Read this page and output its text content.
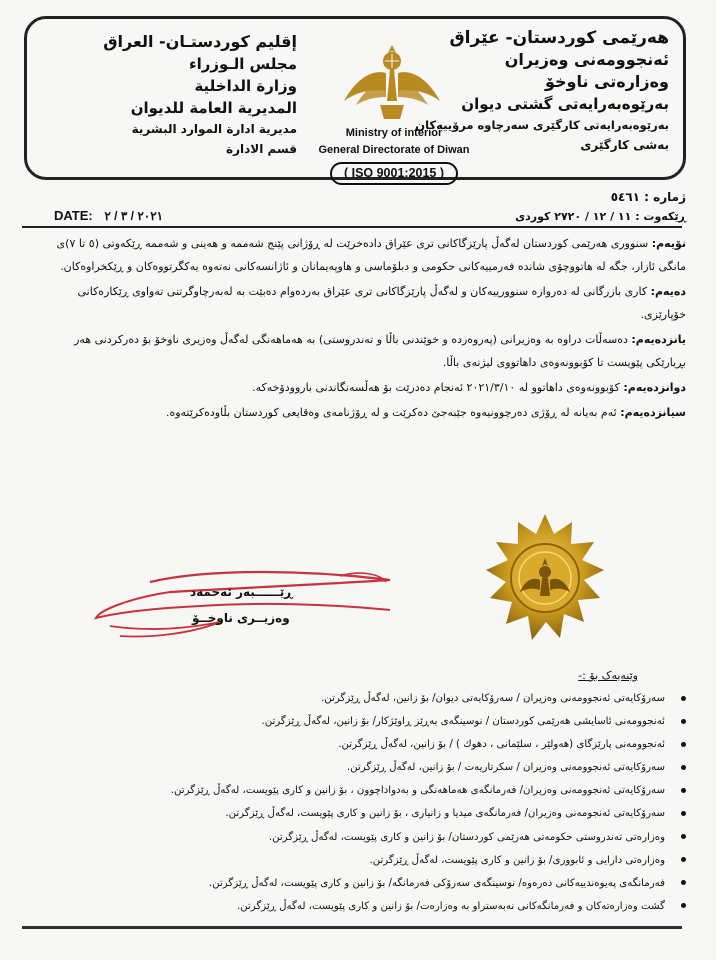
هەرێمی کوردستان- عێراق
ئەنجوومەنی وەزیران
وەزارەتی ناوخۆ
بەرێوەبەرایەتی گشتی دیوان
بەرێوەبەرایەتی کارگێری سەرچاوە مرۆییەکان
بەشی کارگێری
Ministry of interior
General Directorate of Diwan
( ISO 9001:2015 )
إقليم كوردستـان- العراق
مجلس الـوزراء
وزارة الداخلية
المديرية العامة للديوان
مديرية ادارة الموارد البشرية
قسم الادارة
ژمارە : ٥٤٦١
ڕێکەوت : ١١ / ١٢ / ٢٧٢٠ کوردی
DATE: ٢٠٢١ / ٣ / ٢

نۆیەم: سنووری هەرێمی کوردستان لەگەڵ پارێزگاکانی تری عێراق دادەخرێت لە ڕۆژانی پێنج شەممە و هەینی و شەممە ڕێکەوتی (٥ تا ٧)ی مانگی ئازار، جگە لە هاتووچۆی شاندە فەرمییەکانی حکومی و دبلۆماسی و هاوپەیمانان و ئاژانسەکانی نەتەوە یەکگرتووەکان و ڕێکخراوەکان.

دەیەم: کاری بازرگانی لە دەروازە سنوورییەکان و لەگەڵ پارێزگاکانی تری عێراق بەردەوام دەبێت بە لەبەرچاوگرتنی تەواوی ڕێکارەکانی خۆپارێزی.

یانزدەیەم: دەسەڵات دراوە بە وەزیرانی (پەروەردە و خوێندنی باڵا و تەندروستی) بە هەماهەنگی لەگەڵ وەزیری ناوخۆ بۆ دەرکردنی هەر بڕیارێکی پێویست تا کۆبوونەوەی داهاتووی لیژنەی باڵا.

دوانزدەیەم: کۆبوونەوەی داهاتوو لە ٢٠٢١/٣/١٠ ئەنجام دەدرێت بۆ هەڵسەنگاندنی باروودۆخەکە.

سیانزدەیەم: ئەم بەیانە لە ڕۆژی دەرچوونیەوە جێبەجێ دەکرێت و لە ڕۆژنامەی وەقایعی کوردستان بڵاودەکرێتەوە.

ڕێــــــبەر ئەحمەد
وەزیــری ناوخــۆ
وێنەیەک بۆ :-
سەرۆکایەتی ئەنجوومەنی وەزیران / سەرۆکایەتی دیوان/ بۆ زانین، لەگەڵ ڕێزگرتن.
ئەنجوومەنی ئاسایشی هەرێمی کوردستان / نوسینگەی بەڕێز ڕاوێژکار/ بۆ زانین، لەگەڵ ڕێزگرتن.
ئەنجوومەنی پارێزگای (هەولێر ، سلێمانی ، دهوك ) / بۆ زانین، لەگەڵ ڕێزگرتن.
سەرۆکایەتی ئەنجوومەنی وەزیران / سکرتاریەت / بۆ زانین، لەگەڵ ڕێزگرتن.
سەرۆکایەتی ئەنجوومەنی وەزیران/ فەرمانگەی هەماهەنگی و بەدواداچوون ، بۆ زانین و کاری پێویست، لەگەڵ ڕێزگرتن.
سەرۆکایەتی ئەنجومەنی وەزیران/ فەرمانگەی میدیا و زانیاری ، بۆ زانین و کاری پێویست، لەگەڵ ڕێزگرتن.
وەزارەتی تەندروستی حکومەتی هەرێمی کوردستان/ بۆ زانین و کاری پێویست، لەگەڵ ڕێزگرتن.
وەزارەتی دارایی و ئابووری/ بۆ زانین و کاری پێویست، لەگەڵ ڕێزگرتن.
فەرمانگەی پەیوەندییەکانی دەرەوە/ نوسینگەی سەرۆکی فەرمانگە/ بۆ زانین و کاری پێویست، لەگەڵ ڕێزگرتن.
گشت وەزارەتەکان و فەرمانگەکانی نەبەستراو بە وەزارەت/ بۆ زانین و کاری پێویست، لەگەڵ ڕێزگرتن.
